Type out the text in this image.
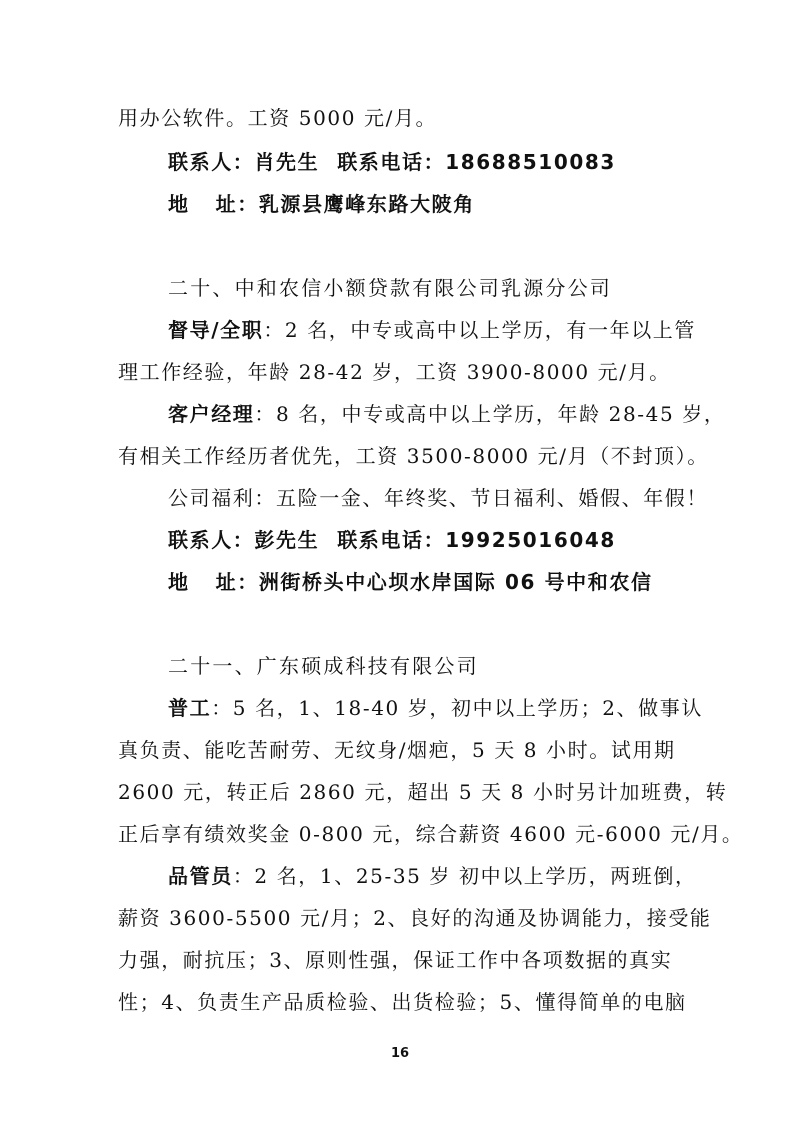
用办公软件。工资 5000 元/月。
联系人：肖先生 联系电话：18688510083
地 址：乳源县鹰峰东路大陂角
二十、中和农信小额贷款有限公司乳源分公司
督导/全职：2 名，中专或高中以上学历，有一年以上管
理工作经验，年龄 28-42 岁，工资 3900-8000 元/月。
客户经理：8 名，中专或高中以上学历，年龄 28-45 岁，
有相关工作经历者优先，工资 3500-8000 元/月（不封顶）。
公司福利：五险一金、年终奖、节日福利、婚假、年假！
联系人：彭先生 联系电话：19925016048
地 址：洲街桥头中心坝水岸国际 06 号中和农信
二十一、广东硕成科技有限公司
普工：5 名，1、18-40 岁，初中以上学历；2、做事认
真负责、能吃苦耐劳、无纹身/烟疤，5 天 8 小时。试用期
2600 元，转正后 2860 元，超出 5 天 8 小时另计加班费，转
正后享有绩效奖金 0-800 元，综合薪资 4600 元-6000 元/月。
品管员：2 名，1、25-35 岁 初中以上学历，两班倒，
薪资 3600-5500 元/月；2、良好的沟通及协调能力，接受能
力强，耐抗压；3、原则性强，保证工作中各项数据的真实
性；4、负责生产品质检验、出货检验；5、懂得简单的电脑
16
